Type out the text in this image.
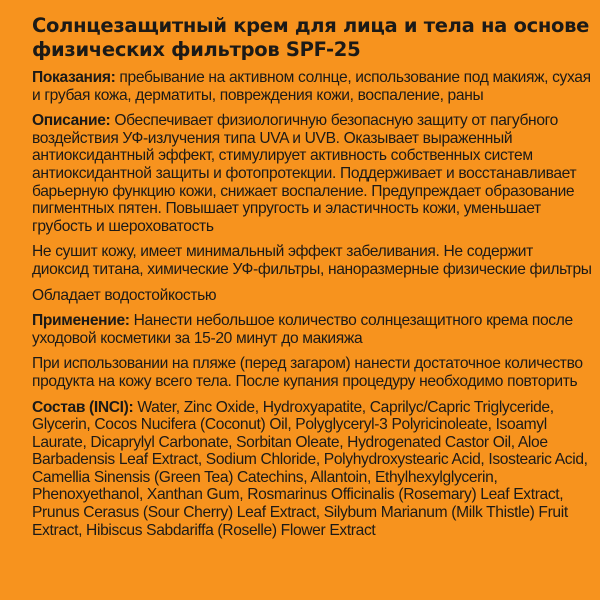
Солнцезащитный крем для лица и тела на основе физических фильтров SPF-25

Показания: пребывание на активном солнце, использование под макияж, сухая и грубая кожа, дерматиты, повреждения кожи, воспаление, раны

Описание: Обеспечивает физиологичную безопасную защиту от пагубного воздействия УФ-излучения типа UVA и UVB. Оказывает выраженный антиоксидантный эффект, стимулирует активность собственных систем антиоксидантной защиты и фотопротекции. Поддерживает и восстанавливает барьерную функцию кожи, снижает воспаление. Предупреждает образование пигментных пятен. Повышает упругость и эластичность кожи, уменьшает грубость и шероховатость

Не сушит кожу, имеет минимальный эффект забеливания. Не содержит диоксид титана, химические УФ-фильтры, наноразмерные физические фильтры

Обладает водостойкостью

Применение: Нанести небольшое количество солнцезащитного крема после уходовой косметики за 15-20 минут до макияжа

При использовании на пляже (перед загаром) нанести достаточное количество продукта на кожу всего тела. После купания процедуру необходимо повторить

Состав (INCI): Water, Zinc Oxide, Hydroxyapatite, Caprilyc/Capric Triglyceride, Glycerin, Cocos Nucifera (Coconut) Oil, Polyglyceryl-3 Polyricinoleate, Isoamyl Laurate, Dicaprylyl Carbonate, Sorbitan Oleate, Hydrogenated Castor Oil, Aloe Barbadensis Leaf Extract, Sodium Chloride, Polyhydroxystearic Acid, Isostearic Acid, Camellia Sinensis (Green Tea) Catechins, Allantoin, Ethylhexylglycerin, Phenoxyethanol, Xanthan Gum, Rosmarinus Officinalis (Rosemary) Leaf Extract, Prunus Cerasus (Sour Cherry) Leaf Extract, Silybum Marianum (Milk Thistle) Fruit Extract, Hibiscus Sabdariffa (Roselle) Flower Extract
